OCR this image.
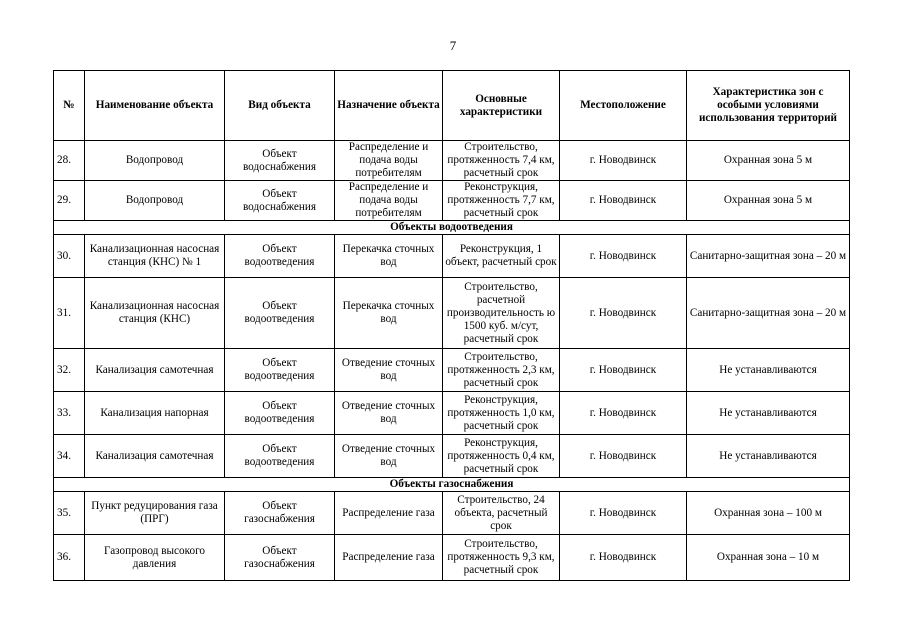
7
№	Наименование объекта	Вид объекта	Назначение объекта	Основные характеристики	Местоположение	Характеристика зон с особыми условиями использования территорий
28.	Водопровод	Объект водоснабжения	Распределение и подача воды потребителям	Строительство, протяженность 7,4 км, расчетный срок	г. Новодвинск	Охранная зона 5 м
29.	Водопровод	Объект водоснабжения	Распределение и подача воды потребителям	Реконструкция, протяженность 7,7 км, расчетный срок	г. Новодвинск	Охранная зона 5 м
Объекты водоотведения						
30.	Канализационная насосная станция (КНС) № 1	Объект водоотведения	Перекачка сточных вод	Реконструкция, 1 объект, расчетный срок	г. Новодвинск	Санитарно-защитная зона – 20 м
31.	Канализационная насосная станция (КНС)	Объект водоотведения	Перекачка сточных вод	Строительство, расчетной производительность ю 1500 куб. м/сут, расчетный срок	г. Новодвинск	Санитарно-защитная зона – 20 м
32.	Канализация самотечная	Объект водоотведения	Отведение сточных вод	Строительство, протяженность 2,3 км, расчетный срок	г. Новодвинск	Не устанавливаются
33.	Канализация напорная	Объект водоотведения	Отведение сточных вод	Реконструкция, протяженность 1,0 км, расчетный срок	г. Новодвинск	Не устанавливаются
34.	Канализация самотечная	Объект водоотведения	Отведение сточных вод	Реконструкция, протяженность 0,4 км, расчетный срок	г. Новодвинск	Не устанавливаются
Объекты газоснабжения						
35.	Пункт редуцирования газа (ПРГ)	Объект газоснабжения	Распределение газа	Строительство, 24 объекта, расчетный срок	г. Новодвинск	Охранная зона – 100 м
36.	Газопровод высокого давления	Объект газоснабжения	Распределение газа	Строительство, протяженность 9,3 км, расчетный срок	г. Новодвинск	Охранная зона – 10 м
